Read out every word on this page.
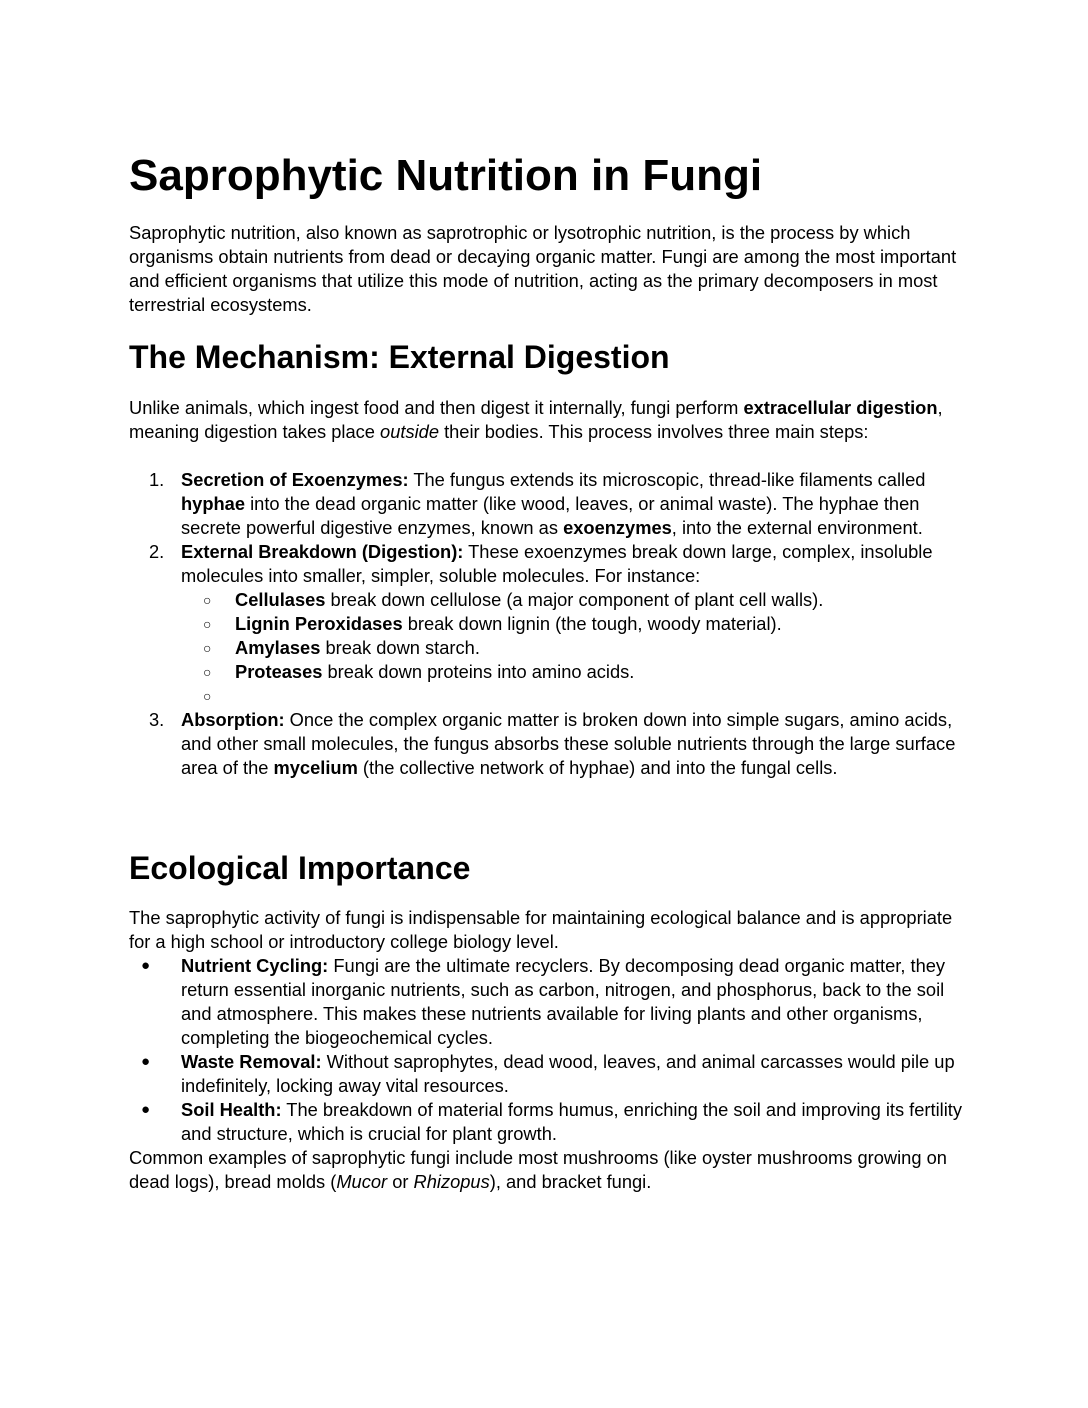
Saprophytic Nutrition in Fungi

Saprophytic nutrition, also known as saprotrophic or lysotrophic nutrition, is the process by which organisms obtain nutrients from dead or decaying organic matter. Fungi are among the most important and efficient organisms that utilize this mode of nutrition, acting as the primary decomposers in most terrestrial ecosystems.

The Mechanism: External Digestion

Unlike animals, which ingest food and then digest it internally, fungi perform extracellular digestion, meaning digestion takes place outside their bodies. This process involves three main steps:

1. Secretion of Exoenzymes: The fungus extends its microscopic, thread-like filaments called hyphae into the dead organic matter (like wood, leaves, or animal waste). The hyphae then secrete powerful digestive enzymes, known as exoenzymes, into the external environment.
2. External Breakdown (Digestion): These exoenzymes break down large, complex, insoluble molecules into smaller, simpler, soluble molecules. For instance:
○ Cellulases break down cellulose (a major component of plant cell walls).
○ Lignin Peroxidases break down lignin (the tough, woody material).
○ Amylases break down starch.
○ Proteases break down proteins into amino acids.
○
3. Absorption: Once the complex organic matter is broken down into simple sugars, amino acids, and other small molecules, the fungus absorbs these soluble nutrients through the large surface area of the mycelium (the collective network of hyphae) and into the fungal cells.
Ecological Importance

The saprophytic activity of fungi is indispensable for maintaining ecological balance and is appropriate for a high school or introductory college biology level.

● Nutrient Cycling: Fungi are the ultimate recyclers. By decomposing dead organic matter, they return essential inorganic nutrients, such as carbon, nitrogen, and phosphorus, back to the soil and atmosphere. This makes these nutrients available for living plants and other organisms, completing the biogeochemical cycles.
● Waste Removal: Without saprophytes, dead wood, leaves, and animal carcasses would pile up indefinitely, locking away vital resources.
● Soil Health: The breakdown of material forms humus, enriching the soil and improving its fertility and structure, which is crucial for plant growth.

Common examples of saprophytic fungi include most mushrooms (like oyster mushrooms growing on dead logs), bread molds (Mucor or Rhizopus), and bracket fungi.
